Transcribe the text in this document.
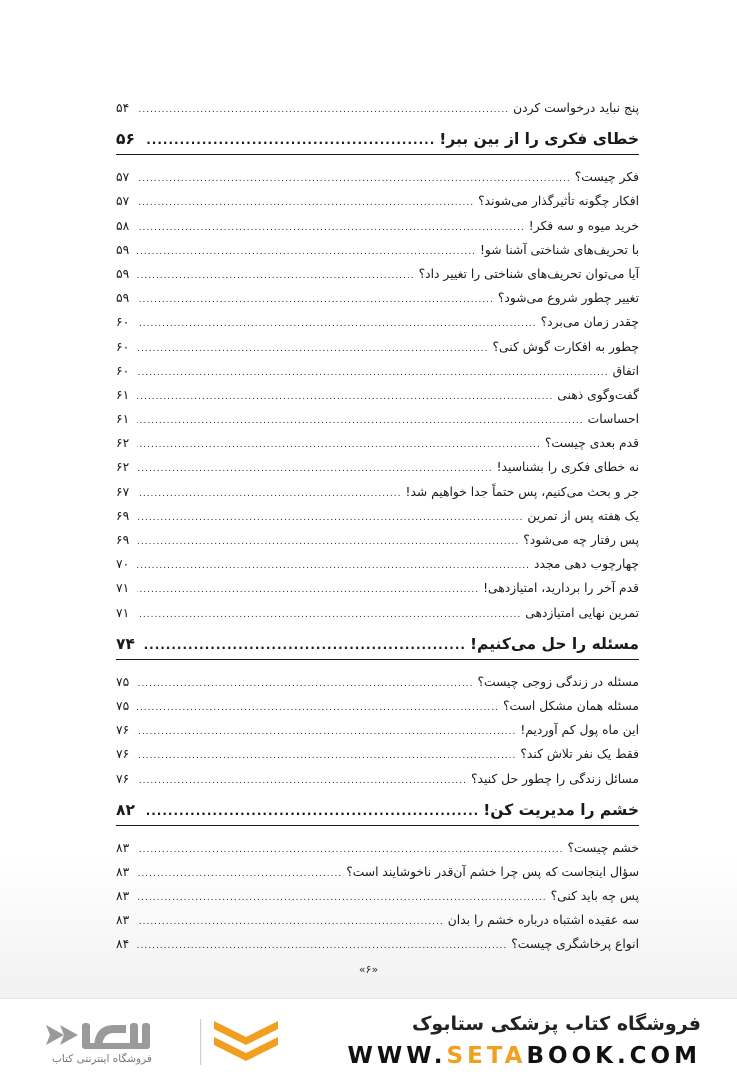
پنج نباید درخواست کردن
.....
۵۴
خطای فکری را از بین ببر!
.....
۵۶
فکر چیست؟
.....
۵۷
افکار چگونه تأثیرگذار می‌شوند؟
.....
۵۷
خرید میوه و سه فکر!
.....
۵۸
با تحریف‌های شناختی آشنا شو!
.....
۵۹
آیا می‌توان تحریف‌های شناختی را تغییر داد؟
.....
۵۹
تغییر چطور شروع می‌شود؟
.....
۵۹
چقدر زمان می‌برد؟
.....
۶۰
چطور به افکارت گوش کنی؟
.....
۶۰
اتفاق
.....
۶۰
گفت‌وگوی ذهنی
.....
۶۱
احساسات
.....
۶۱
قدم بعدی چیست؟
.....
۶۲
نه خطای فکری را بشناسید!
.....
۶۲
جر و بحث می‌کنیم، پس حتماً جدا خواهیم شد!
.....
۶۷
یک هفته پس از تمرین
.....
۶۹
پس رفتار چه می‌شود؟
.....
۶۹
چهارچوب دهی مجدد
.....
۷۰
قدم آخر را بردارید، امتیازدهی!
.....
۷۱
تمرین نهایی امتیازدهی
.....
۷۱
مسئله را حل می‌کنیم!
.....
۷۴
مسئله در زندگی زوجی چیست؟
.....
۷۵
مسئله همان مشکل است؟
.....
۷۵
این ماه پول کم آوردیم!
.....
۷۶
فقط یک نفر تلاش کند؟
.....
۷۶
مسائل زندگی را چطور حل کنید؟
.....
۷۶
خشم را مدیریت کن!
.....
۸۲
خشم چیست؟
.....
۸۳
سؤال اینجاست که پس چرا خشم آن‌قدر ناخوشایند است؟
.....
۸۳
پس چه باید کنی؟
.....
۸۳
سه عقیده اشتباه درباره خشم را بدان
.....
۸۳
انواع پرخاشگری چیست؟
.....
۸۴
«۶»
فروشگاه اینترنتی کتاب
فروشگاه کتاب پزشکی ستابوک
WWW.SETABOOK.COM
